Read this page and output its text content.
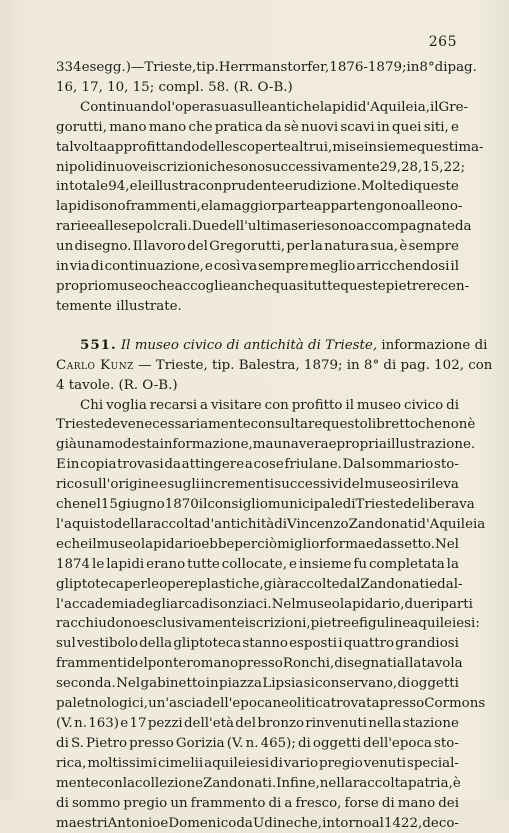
265
334 e segg.) — Trieste, tip. Herrmanstorfer, 1876-1879; in 8° di pag.
16, 17, 10, 15; compl. 58. (R. O-B.)
Continuando l'opera sua sulle antiche lapidi d'Aquileia, il Gre-
gorutti, mano mano che pratica da sè nuovi scavi in quei siti, e
talvolta approfittando delle scoperte altrui, mise insieme questi ma-
nipoli di nuove iscrizioni che sono successivamente 29, 28, 15, 22;
in totale 94, e le illustra con prudente erudizione. Molte di queste
lapidi sono frammenti, e la maggior parte appartengono alle ono-
rarie e alle sepolcrali. Due dell'ultima serie sono accompagnate da
un disegno. Il lavoro del Gregorutti, per la natura sua, è sempre
in via di continuazione, e così va sempre meglio arricchendosi il
proprio museo che accoglie anche quasi tutte queste pietre recen-
temente illustrate.
551.
Il museo civico di antichità di Trieste, informazione di
Carlo Kunz — Trieste, tip. Balestra, 1879; in 8° di pag. 102, con
4 tavole. (R. O-B.)
Chi voglia recarsi a visitare con profitto il museo civico di
Trieste deve necessariamente consultare questo libretto che non è
già una modesta informazione, ma una vera e propria illustrazione.
E in copia trovasi da attingere a cose friulane. Dal sommario sto-
rico sull'origine e sugli incrementi successivi del museo si rileva
che nel 15 giugno 1870 il consiglio municipale di Trieste deliberava
l'aquisto della raccolta d'antichità di Vincenzo Zandonati d'Aquileia
e che il museo lapidario ebbe perciò miglior forma ed assetto. Nel
1874 le lapidi erano tutte collocate, e insieme fu completata la
gliptoteca per le opere plastiche, già raccolte dal Zandonati e dal-
l'accademia degli arcadi sonziaci. Nel museo lapidario, due riparti
racchiudono esclusivamente iscrizioni, pietre e figuline aquileiesi:
sul vestibolo della gliptoteca stanno esposti i quattro grandiosi
frammenti del ponte romano presso Ronchi, disegnati alla tavola
seconda. Nel gabinetto in piazza Lipsia si conservano, di oggetti
paletnologici, un' ascia dell'epoca neolitica trovata presso Cormons
(V. n. 163) e 17 pezzi dell'età del bronzo rinvenuti nella stazione
di S. Pietro presso Gorizia (V. n. 465); di oggetti dell'epoca sto-
rica, moltissimi cimelii aquileiesi di vario pregio venuti special-
mente con la collezione Zandonati. Infine, nella raccolta patria, è
di sommo pregio un frammento di a fresco, forse di mano dei
maestri Antonio e Domenico da Udine che, intorno al 1422, deco-
